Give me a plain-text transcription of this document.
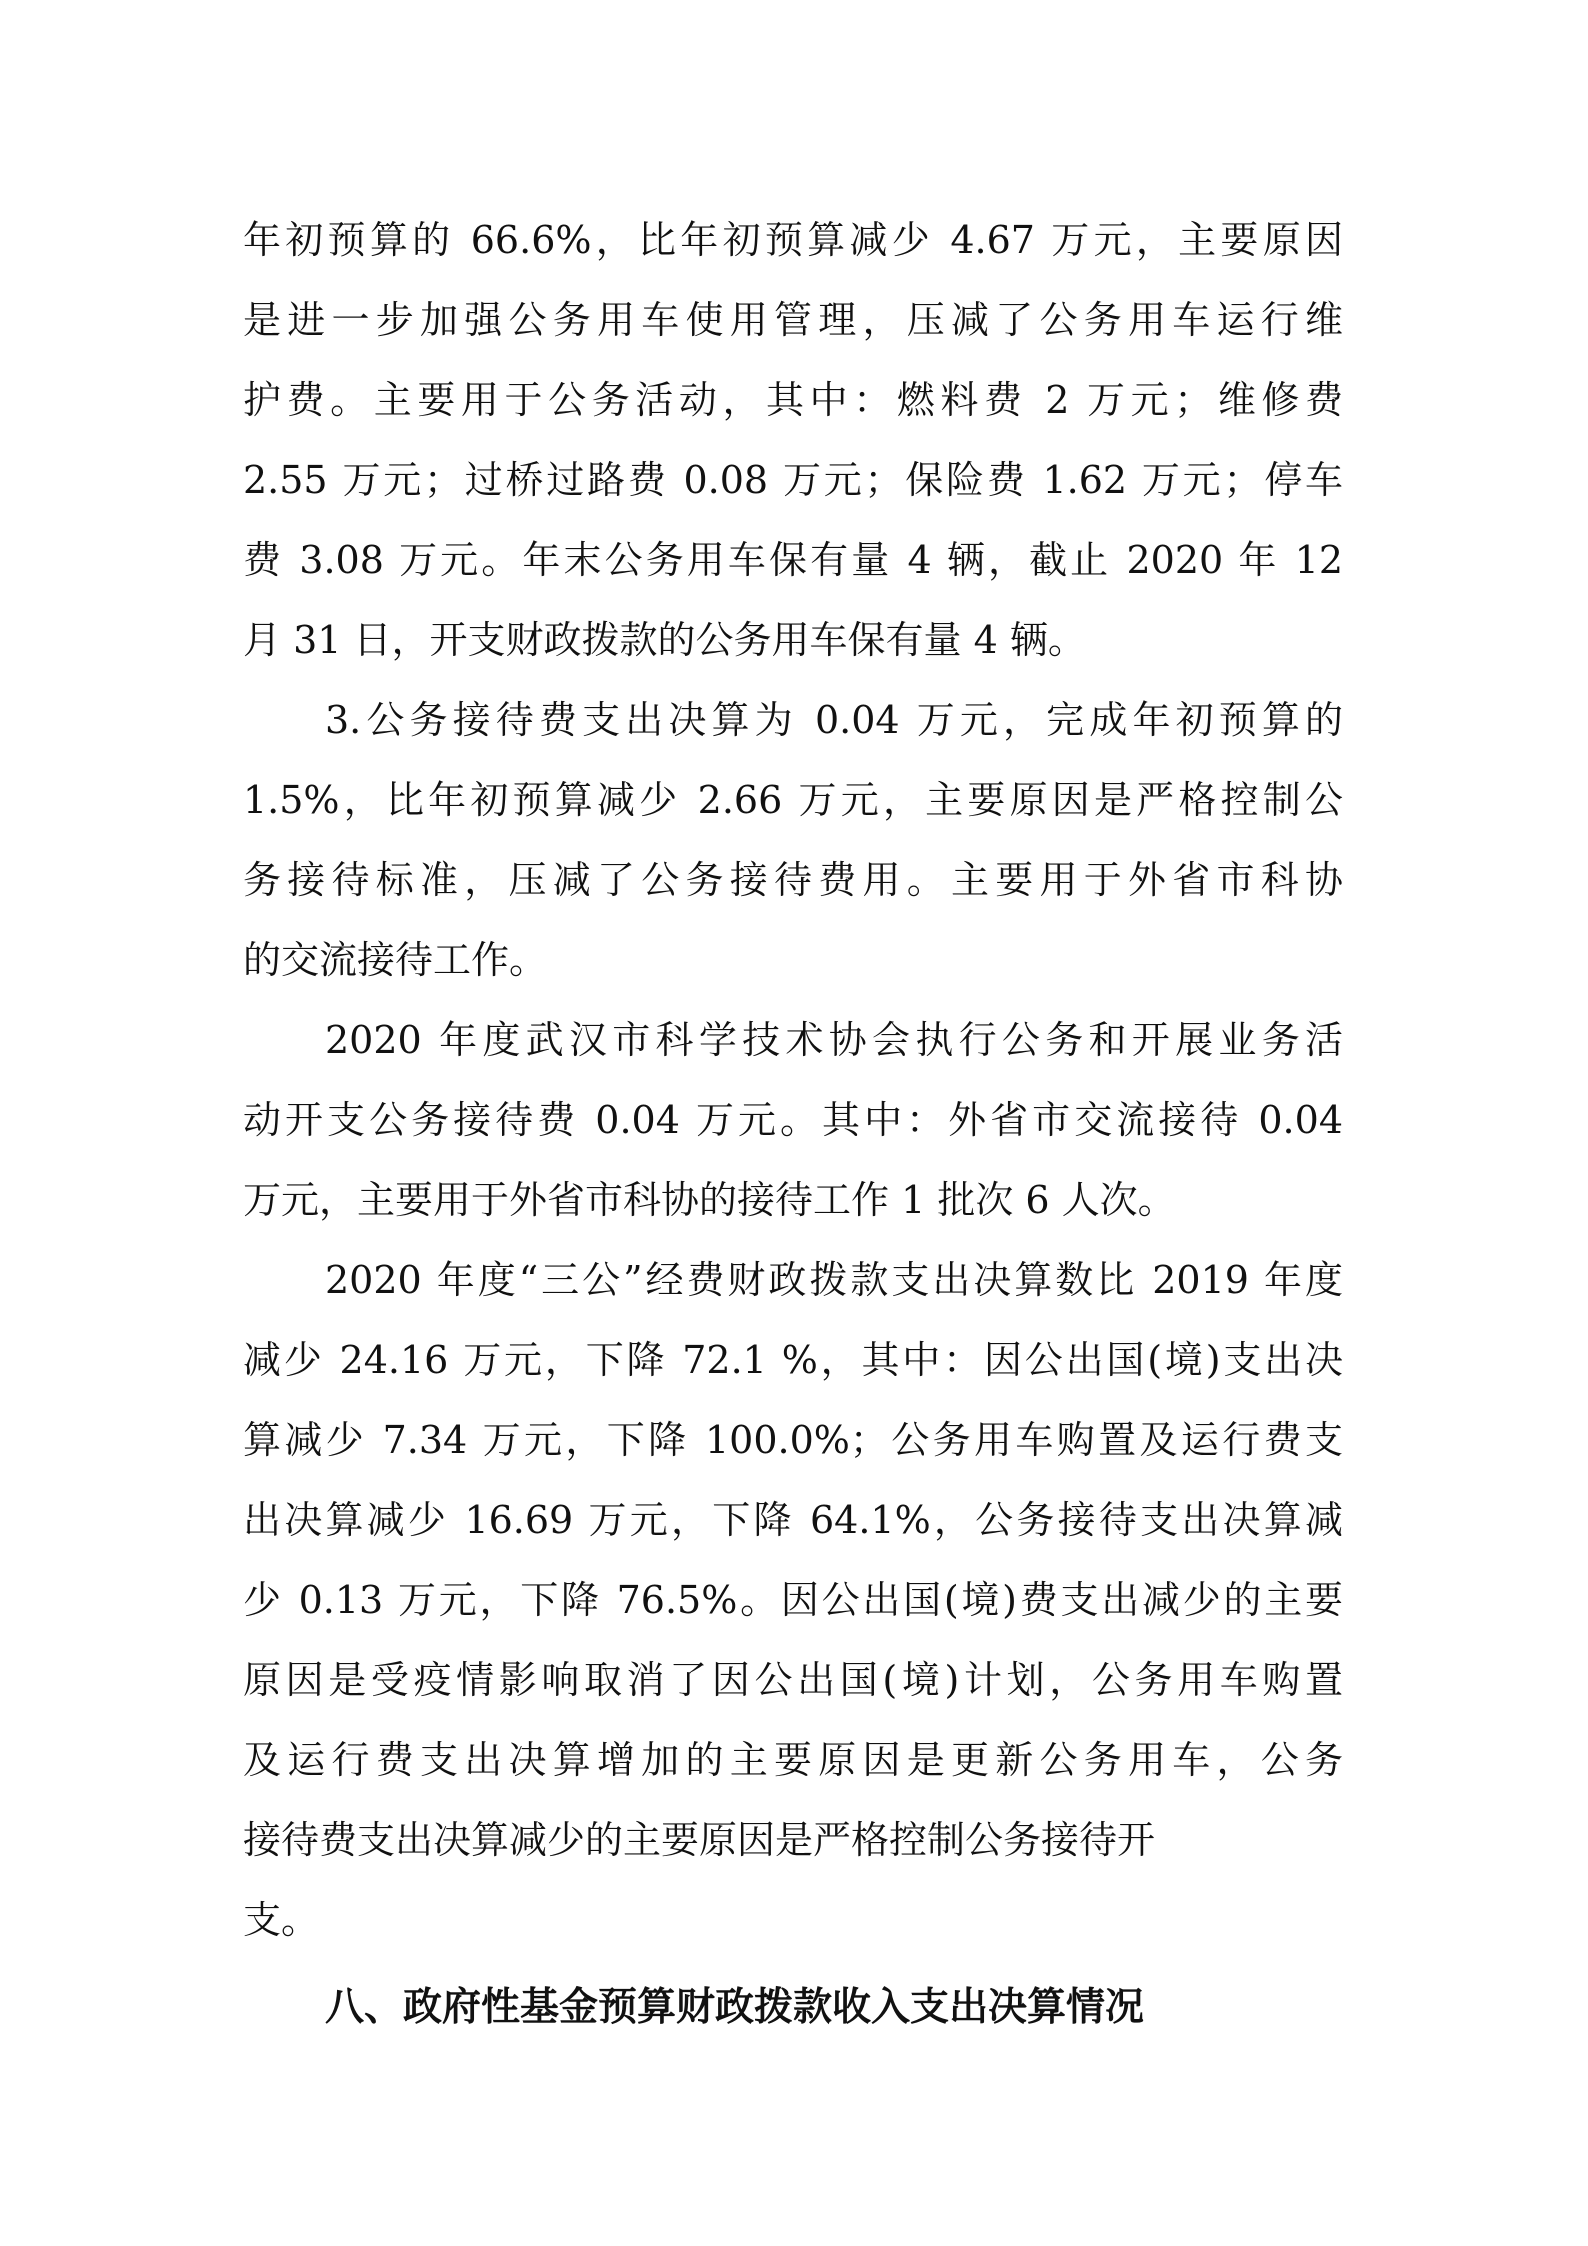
年初预算的 66.6%，比年初预算减少 4.67 万元，主要原因
是进一步加强公务用车使用管理，压减了公务用车运行维
护费。主要用于公务活动，其中：燃料费 2 万元；维修费
2.55 万元；过桥过路费 0.08 万元；保险费 1.62 万元；停车
费 3.08 万元。年末公务用车保有量 4 辆，截止 2020 年 12
月 31 日，开支财政拨款的公务用车保有量 4 辆。
3.公务接待费支出决算为 0.04 万元，完成年初预算的
1.5%，比年初预算减少 2.66 万元，主要原因是严格控制公
务接待标准，压减了公务接待费用。主要用于外省市科协
的交流接待工作。
2020 年度武汉市科学技术协会执行公务和开展业务活
动开支公务接待费 0.04 万元。其中：外省市交流接待 0.04
万元，主要用于外省市科协的接待工作 1 批次 6 人次。
2020 年度“三公”经费财政拨款支出决算数比 2019 年度
减少 24.16 万元，下降 72.1 %，其中：因公出国(境)支出决
算减少 7.34 万元，下降 100.0%；公务用车购置及运行费支
出决算减少 16.69 万元，下降 64.1%，公务接待支出决算减
少 0.13 万元，下降 76.5%。因公出国(境)费支出减少的主要
原因是受疫情影响取消了因公出国(境)计划，公务用车购置
及运行费支出决算增加的主要原因是更新公务用车，公务
接待费支出决算减少的主要原因是严格控制公务接待开
支。
八、政府性基金预算财政拨款收入支出决算情况
